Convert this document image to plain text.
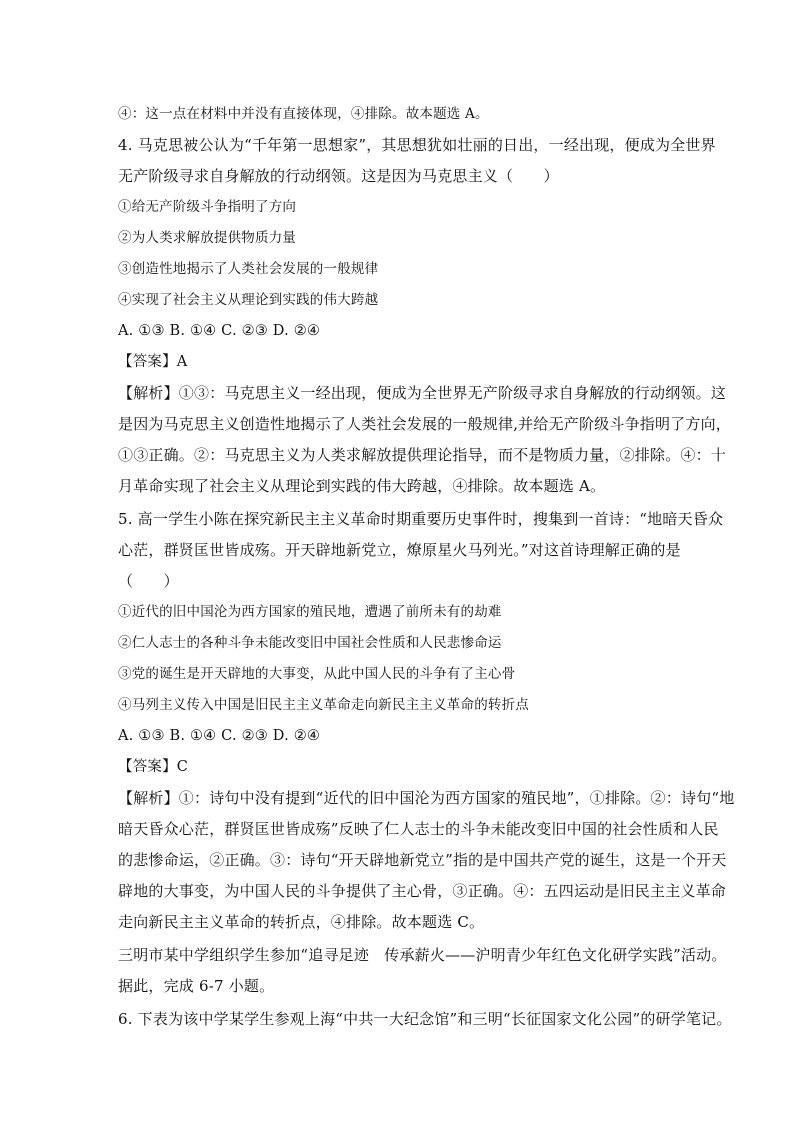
④：这一点在材料中并没有直接体现，④排除。故本题选 A。
4. 马克思被公认为“千年第一思想家”，其思想犹如壮丽的日出，一经出现，便成为全世界
无产阶级寻求自身解放的行动纲领。这是因为马克思主义（　　）
①给无产阶级斗争指明了方向
②为人类求解放提供物质力量
③创造性地揭示了人类社会发展的一般规律
④实现了社会主义从理论到实践的伟大跨越
A. ①③ B. ①④ C. ②③ D. ②④
【答案】A
【解析】①③：马克思主义一经出现，便成为全世界无产阶级寻求自身解放的行动纲领。这
是因为马克思主义创造性地揭示了人类社会发展的一般规律,并给无产阶级斗争指明了方向，
①③正确。②：马克思主义为人类求解放提供理论指导，而不是物质力量，②排除。④：十
月革命实现了社会主义从理论到实践的伟大跨越，④排除。故本题选 A。
5. 高一学生小陈在探究新民主主义革命时期重要历史事件时，搜集到一首诗：“地暗天昏众
心茫，群贤匡世皆成殇。开天辟地新党立，燎原星火马列光。”对这首诗理解正确的是
（　　）
①近代的旧中国沦为西方国家的殖民地，遭遇了前所未有的劫难
②仁人志士的各种斗争未能改变旧中国社会性质和人民悲惨命运
③党的诞生是开天辟地的大事变，从此中国人民的斗争有了主心骨
④马列主义传入中国是旧民主主义革命走向新民主主义革命的转折点
A. ①③ B. ①④ C. ②③ D. ②④
【答案】C
【解析】①：诗句中没有提到“近代的旧中国沦为西方国家的殖民地”，①排除。②：诗句“地
暗天昏众心茫，群贤匡世皆成殇”反映了仁人志士的斗争未能改变旧中国的社会性质和人民
的悲惨命运，②正确。③：诗句“开天辟地新党立”指的是中国共产党的诞生，这是一个开天
辟地的大事变，为中国人民的斗争提供了主心骨，③正确。④：五四运动是旧民主主义革命
走向新民主主义革命的转折点，④排除。故本题选 C。
三明市某中学组织学生参加“追寻足迹　传承薪火——沪明青少年红色文化研学实践”活动。
据此，完成 6-7 小题。
6. 下表为该中学某学生参观上海“中共一大纪念馆”和三明“长征国家文化公园”的研学笔记。
